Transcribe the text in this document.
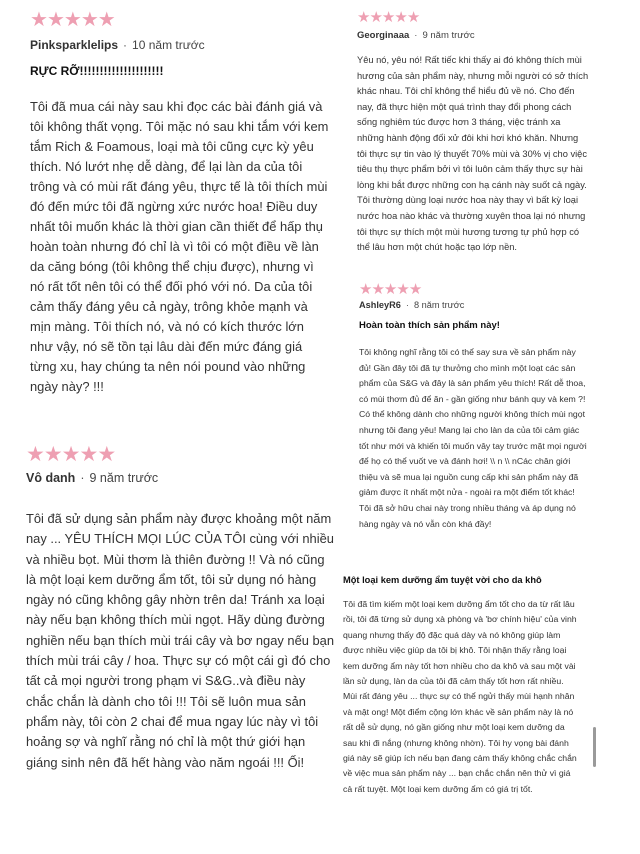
★ ★ ★ ★ ★
Pinksparklelips · 10 năm trước
RỰC RỠ!!!!!!!!!!!!!!!!!!!!!
Tôi đã mua cái này sau khi đọc các bài đánh giá và tôi không thất vọng. Tôi mặc nó sau khi tắm với kem tắm Rich & Foamous, loại mà tôi cũng cực kỳ yêu thích. Nó lướt nhẹ dễ dàng, để lại làn da của tôi trông và có mùi rất đáng yêu, thực tế là tôi thích mùi đó đến mức tôi đã ngừng xức nước hoa! Điều duy nhất tôi muốn khác là thời gian cần thiết để hấp thụ hoàn toàn nhưng đó chỉ là vì tôi có một điều về làn da căng bóng (tôi không thể chịu được), nhưng vì nó rất tốt nên tôi có thể đối phó với nó. Da của tôi cảm thấy đáng yêu cả ngày, trông khỏe mạnh và mịn màng. Tôi thích nó, và nó có kích thước lớn như vậy, nó sẽ tồn tại lâu dài đến mức đáng giá từng xu, hay chúng ta nên nói pound vào những ngày này? !!!
★ ★ ★ ★ ★
Vô danh · 9 năm trước
Tôi đã sử dụng sản phẩm này được khoảng một năm nay ... YÊU THÍCH MỌI LÚC CỦA TÔI cùng với nhiều và nhiều bọt. Mùi thơm là thiên đường !! Và nó cũng là một loại kem dưỡng ẩm tốt, tôi sử dụng nó hàng ngày nó cũng không gây nhờn trên da! Tránh xa loại này nếu bạn không thích mùi ngọt. Hãy dùng đường nghiền nếu bạn thích mùi trái cây và bơ ngay nếu bạn thích mùi trái cây / hoa. Thực sự có một cái gì đó cho tất cả mọi người trong phạm vi S&G..và điều này chắc chắn là dành cho tôi !!! Tôi sẽ luôn mua sản phẩm này, tôi còn 2 chai để mua ngay lúc này vì tôi hoảng sợ và nghĩ rằng nó chỉ là một thứ giới hạn giáng sinh nên đã hết hàng vào năm ngoái !!! Ối!
★ ★ ★ ★ ★
Georginaaa · 9 năm trước
Yêu nó, yêu nó! Rất tiếc khi thấy ai đó không thích mùi hương của sản phẩm này, nhưng mỗi người có sở thích khác nhau. Tôi chỉ không thể hiểu đủ về nó. Cho đến nay, đã thực hiện một quá trình thay đổi phong cách sống nghiêm túc được hơn 3 tháng, việc tránh xa những hành động đối xử đôi khi hơi khó khăn. Nhưng tôi thực sự tin vào lý thuyết 70% mùi và 30% vị cho việc tiêu thụ thực phẩm bởi vì tôi luôn cảm thấy thực sự hài lòng khi bắt được những con hạ cánh này suốt cả ngày. Tôi thường dùng loại nước hoa này thay vì bất kỳ loại nước hoa nào khác và thường xuyên thoa lại nó nhưng tôi thực sự thích một mùi hương tương tự phủ hợp có thể lâu hơn một chút hoặc tạo lớp nền.
★ ★ ★ ★ ★
AshleyR6 · 8 năm trước
Hoàn toàn thích sản phẩm này!
Tôi không nghĩ rằng tôi có thể say sưa về sản phẩm này đủ! Gần đây tôi đã tự thưởng cho mình một loạt các sản phẩm của S&G và đây là sản phẩm yêu thích! Rất dễ thoa, có mùi thơm đủ để ăn - gần giống như bánh quy và kem ?! Có thể không dành cho những người không thích mùi ngọt nhưng tôi đang yêu! Mang lại cho làn da của tôi cảm giác tốt như mới và khiến tôi muốn vây tay trước mặt mọi người để họ có thể vuốt ve và đánh hơi! \\ n \\ nCác chân giới thiệu và sẽ mua lại nguồn cung cấp khi sản phẩm này đã giảm được ít nhất một nửa - ngoài ra một điểm tốt khác! Tôi đã sở hữu chai này trong nhiều tháng và áp dụng nó hàng ngày và nó vẫn còn khá đầy!
Một loại kem dưỡng ẩm tuyệt vời cho da khô
Tôi đã tìm kiếm một loại kem dưỡng ẩm tốt cho da từ rất lâu rồi, tôi đã từng sử dụng xà phòng và 'bơ chính hiệu' của vinh quang nhưng thấy độ đặc quá dày và nó không giúp làm được nhiều việc giúp da tôi bị khô. Tôi nhận thấy rằng loại kem dưỡng ẩm này tốt hơn nhiều cho da khô và sau một vài lần sử dụng, làn da của tôi đã cảm thấy tốt hơn rất nhiều. Mùi rất đáng yêu ... thực sự có thể ngửi thấy mùi hạnh nhân và mật ong! Một điểm cộng lớn khác về sản phẩm này là nó rất dễ sử dụng, nó gần giống như một loại kem dưỡng da sau khi đi nắng (nhưng không nhờn). Tôi hy vọng bài đánh giá này sẽ giúp ích nếu bạn đang cảm thấy không chắc chắn về việc mua sản phẩm này ... bạn chắc chắn nên thử vì giá cả rất tuyệt. Một loại kem dưỡng ẩm có giá trị tốt.
